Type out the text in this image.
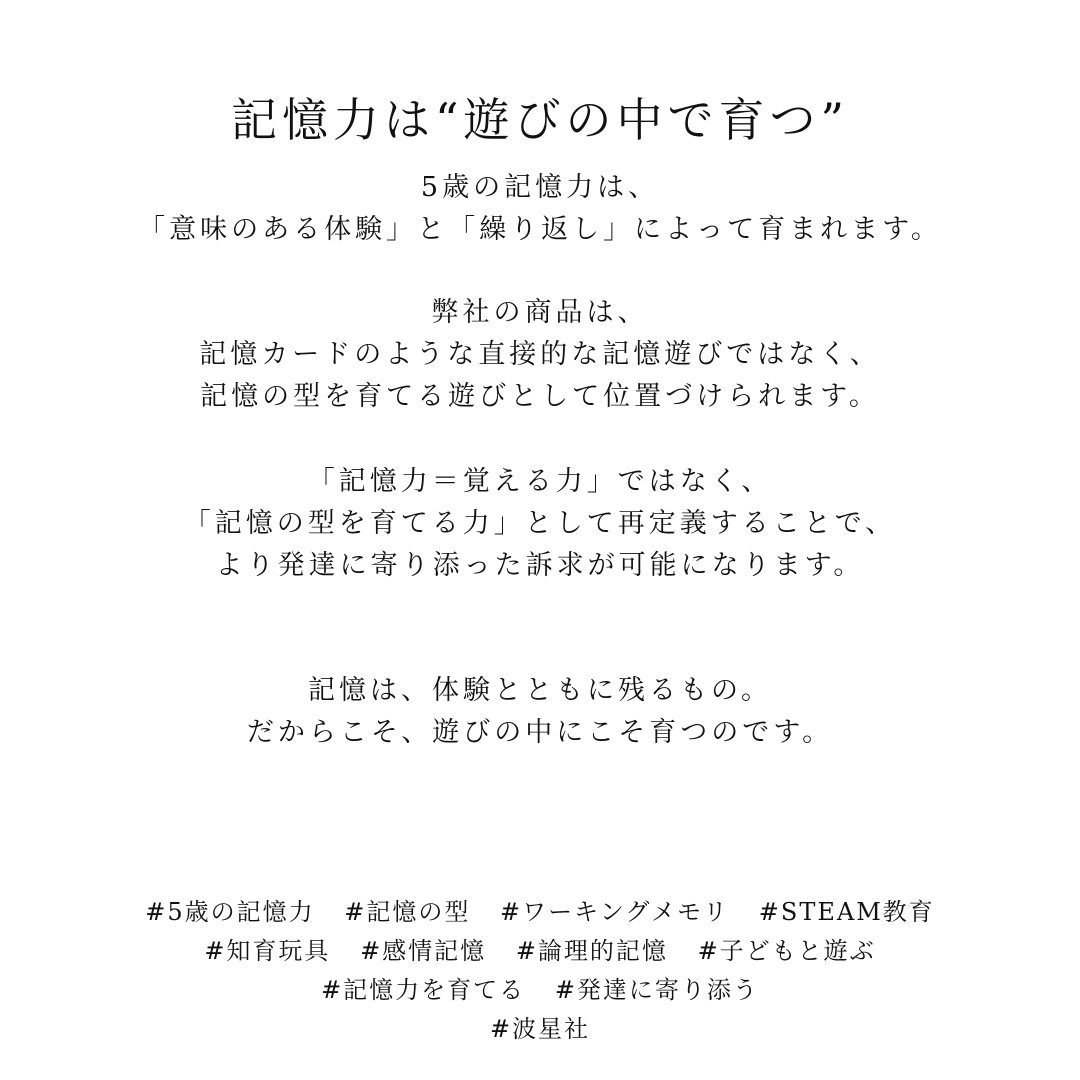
記憶力は“遊びの中で育つ”
5歳の記憶力は、
「意味のある体験」と「繰り返し」によって育まれます。
弊社の商品は、
記憶カードのような直接的な記憶遊びではなく、
記憶の型を育てる遊びとして位置づけられます。
「記憶力＝覚える力」ではなく、
「記憶の型を育てる力」として再定義することで、
より発達に寄り添った訴求が可能になります。
記憶は、体験とともに残るもの。
だからこそ、遊びの中にこそ育つのです。
#5歳の記憶力 #記憶の型 #ワーキングメモリ #STEAM教育
#知育玩具 #感情記憶 #論理的記憶 #子どもと遊ぶ
#記憶力を育てる #発達に寄り添う
#波星社
